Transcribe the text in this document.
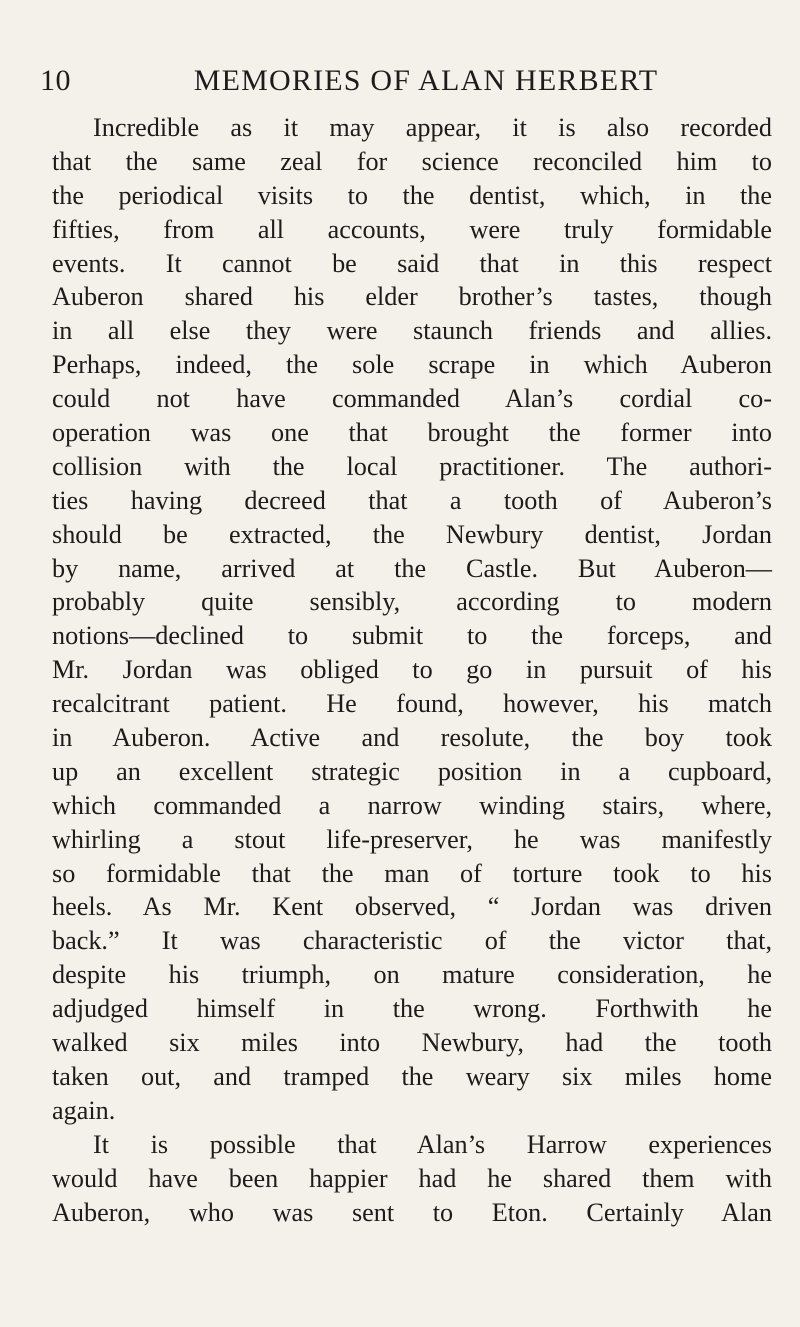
10	MEMORIES OF ALAN HERBERT
Incredible as it may appear, it is also recorded
that the same zeal for science reconciled him to
the periodical visits to the dentist, which, in the
fifties, from all accounts, were truly formidable
events. It cannot be said that in this respect
Auberon shared his elder brother’s tastes, though
in all else they were staunch friends and allies.
Perhaps, indeed, the sole scrape in which Auberon
could not have commanded Alan’s cordial co-
operation was one that brought the former into
collision with the local practitioner. The authori-
ties having decreed that a tooth of Auberon’s
should be extracted, the Newbury dentist, Jordan
by name, arrived at the Castle. But Auberon—
probably quite sensibly, according to modern
notions—declined to submit to the forceps, and
Mr. Jordan was obliged to go in pursuit of his
recalcitrant patient. He found, however, his match
in Auberon. Active and resolute, the boy took
up an excellent strategic position in a cupboard,
which commanded a narrow winding stairs, where,
whirling a stout life-preserver, he was manifestly
so formidable that the man of torture took to his
heels. As Mr. Kent observed, “ Jordan was driven
back.” It was characteristic of the victor that,
despite his triumph, on mature consideration, he
adjudged himself in the wrong. Forthwith he
walked six miles into Newbury, had the tooth
taken out, and tramped the weary six miles home
again.
It is possible that Alan’s Harrow experiences
would have been happier had he shared them with
Auberon, who was sent to Eton. Certainly Alan
